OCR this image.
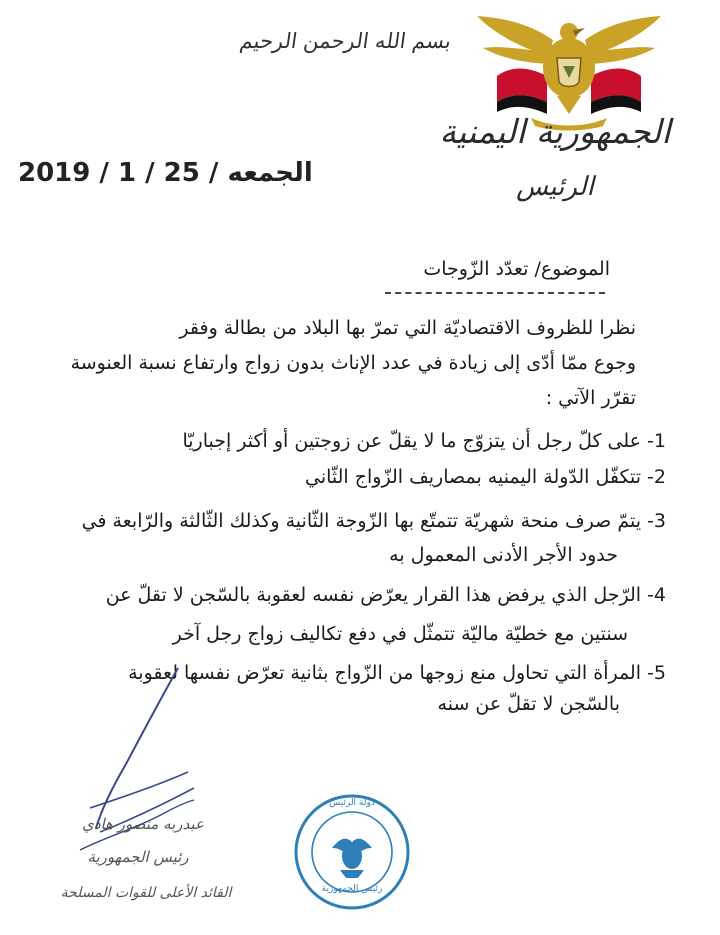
بسم الله الرحمن الرحيم
الجمهورية اليمنية
الرئيس
2019 / 1 / 25 / الجمعه
الموضوع/ تعدّد الزّوجات
نظرا للظروف الاقتصاديّة التي تمرّ بها البلاد من بطالة وفقر
وجوع ممّا أدّى إلى زيادة في عدد الإناث بدون زواج وارتفاع نسبة العنوسة
تقرّر الآتي :
1- على كلّ رجل أن يتزوّج ما لا يقلّ عن زوجتين أو أكثر إجباريّا
2- تتكفّل الدّولة اليمنيه بمصاريف الزّواج الثّاني
3- يتمّ صرف منحة شهريّة تتمتّع بها الزّوجة الثّانية وكذلك الثّالثة والرّابعة في
حدود الأجر الأدنى المعمول به
4- الرّجل الذي يرفض هذا القرار يعرّض نفسه لعقوبة بالسّجن لا تقلّ عن
سنتين مع خطيّة ماليّة تتمثّل في دفع تكاليف زواج رجل آخر
5- المرأة التي تحاول منع زوجها من الزّواج بثانية تعرّض نفسها لعقوبة
بالسّجن لا تقلّ عن سنه
عبدربه منصور هادي
رئيس الجمهورية
القائد الأعلى للقوات المسلحة
دولة الرئيس
رئيس الجمهورية
